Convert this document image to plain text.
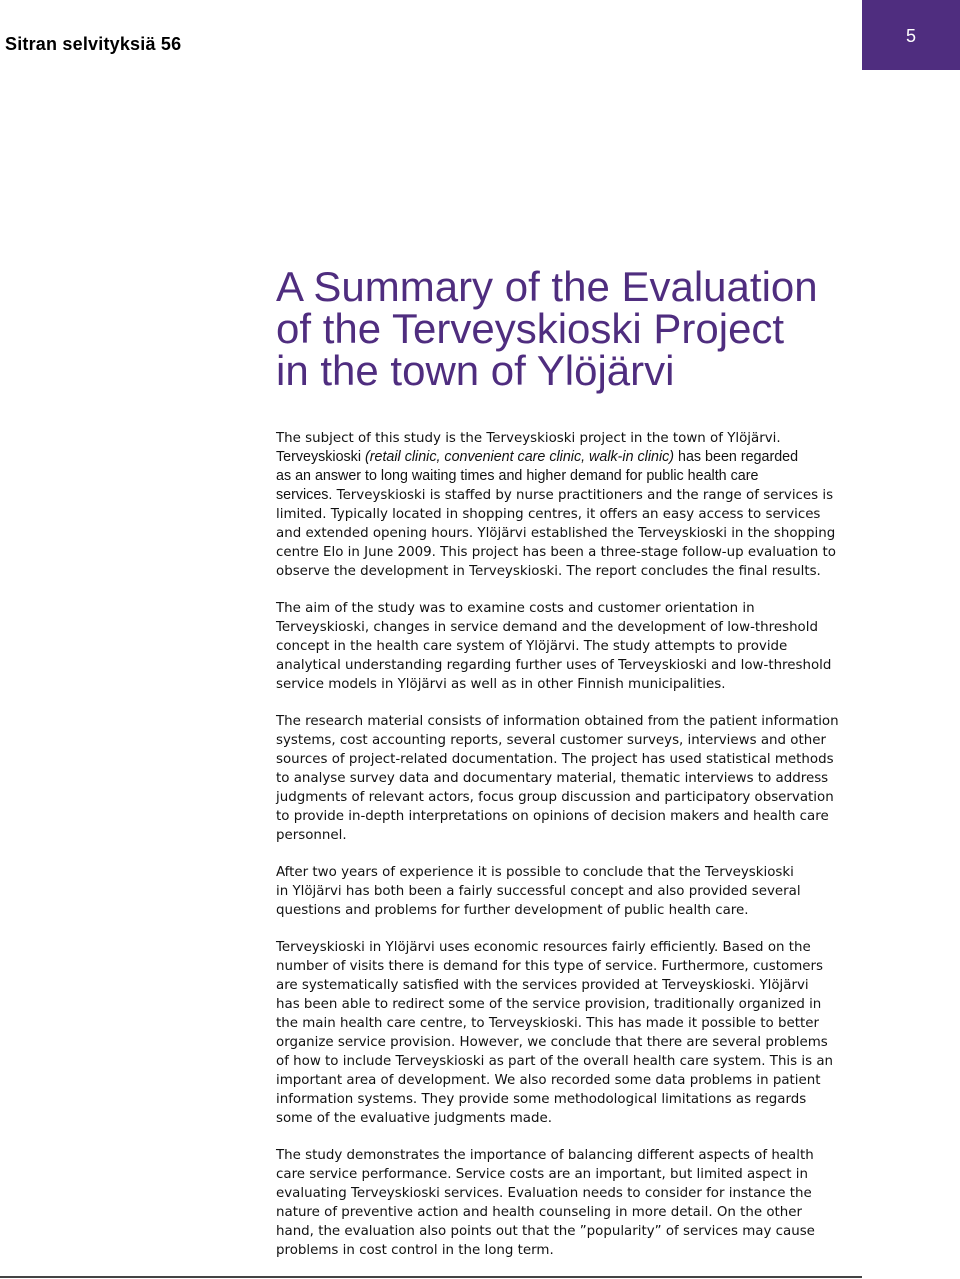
Sitran selvityksiä 56	5
A Summary of the Evaluation
of the Terveyskioski Project
in the town of Ylöjärvi

The subject of this study is the Terveyskioski project in the town of Ylöjärvi.
Terveyskioski (retail clinic, convenient care clinic, walk-in clinic) has been regarded
as an answer to long waiting times and higher demand for public health care
services. Terveyskioski is staffed by nurse practitioners and the range of services is
limited. Typically located in shopping centres, it offers an easy access to services
and extended opening hours. Ylöjärvi established the Terveyskioski in the shopping
centre Elo in June 2009. This project has been a three-stage follow-up evaluation to
observe the development in Terveyskioski. The report concludes the final results.

The aim of the study was to examine costs and customer orientation in
Terveyskioski, changes in service demand and the development of low-threshold
concept in the health care system of Ylöjärvi. The study attempts to provide
analytical understanding regarding further uses of Terveyskioski and low-threshold
service models in Ylöjärvi as well as in other Finnish municipalities.

The research material consists of information obtained from the patient information
systems, cost accounting reports, several customer surveys, interviews and other
sources of project-related documentation. The project has used statistical methods
to analyse survey data and documentary material, thematic interviews to address
judgments of relevant actors, focus group discussion and participatory observation
to provide in-depth interpretations on opinions of decision makers and health care
personnel.

After two years of experience it is possible to conclude that the Terveyskioski
in Ylöjärvi has both been a fairly successful concept and also provided several
questions and problems for further development of public health care.

Terveyskioski in Ylöjärvi uses economic resources fairly efficiently. Based on the
number of visits there is demand for this type of service. Furthermore, customers
are systematically satisfied with the services provided at Terveyskioski. Ylöjärvi
has been able to redirect some of the service provision, traditionally organized in
the main health care centre, to Terveyskioski. This has made it possible to better
organize service provision. However, we conclude that there are several problems
of how to include Terveyskioski as part of the overall health care system. This is an
important area of development. We also recorded some data problems in patient
information systems. They provide some methodological limitations as regards
some of the evaluative judgments made.

The study demonstrates the importance of balancing different aspects of health
care service performance. Service costs are an important, but limited aspect in
evaluating Terveyskioski services. Evaluation needs to consider for instance the
nature of preventive action and health counseling in more detail. On the other
hand, the evaluation also points out that the ”popularity” of services may cause
problems in cost control in the long term.
